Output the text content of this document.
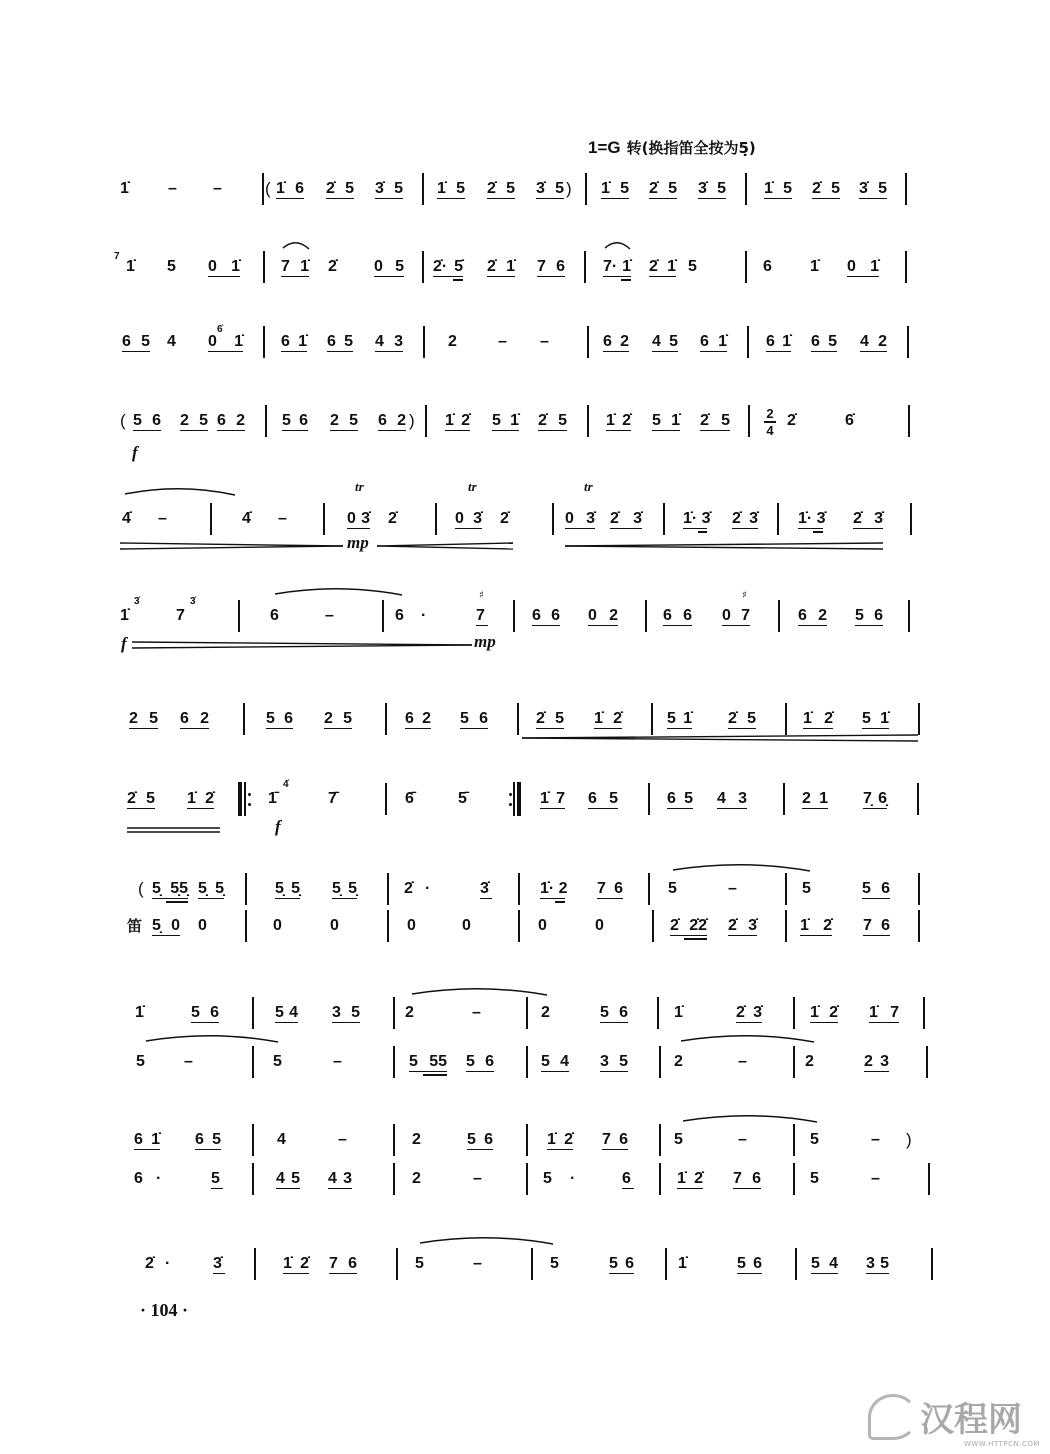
1=G 转(换指笛全按为5̣)
· 104 ·
汉程网
WWW.HTTPCN.COM
1̇ – –	( 1̇ 6 2̇ 5 3̇ 5 1̇ 5 2̇ 5 3̇ 5 ) 1̇ 5 2̇ 5 3̇ 5 1̇ 5 2̇ 5 3̇ 5
7
1̇ 5 0 1̇	7 1̇ 2̇ 0 5 2̇· 5̇ 2̇ 1̇ 7 6 7· 1̇ 2̇ 1̇ 5	6 1̇ 0 1̇
6 5 4 0 1̇
6̇
6 1̇ 6 5 4 3	2	– –	6 2 4 5 6 1̇ 6 1̇ 6 5 4 2
( 5 6 2 5 6 2
f
5 6 2 5 6 2 ) 1̇ 2̇ 5 1̇ 2̇ 5 1̇ 2̇ 5 1̇ 2̇ 5	2
4
2̇	6̇
4̇ –	4̇ –
tr
0 3̇ 2̇
tr
0 3̇ 2̇
tr
0 3̇ 2̇ 3̇	1̇· 3̇ 2̇ 3̇	1̇· 3̇ 2̇ 3̇
mp
1̇
3̇
7
3̇
6	–	6 ·	7
♯
f	mp
6 6 0 2	6 6 0 7
♯
6 2 5 6
2 5 6 2	5 6 2 5	6 2 5 6	2̇ 5 1̇ 2̇	5 1̇ 2̇ 5	1̇ 2̇ 5 1̇
2̇ 5 1̇ 2̇	1̄
4̇
f
7̄	6̄	5̄	1̇ 7 6 5	6 5 4 3	2 1 7̣ 6̣
( 5̣ 5̣5̣ 5̣ 5̣	5̣ 5̣ 5̣ 5̣	2̇ ·	3̇	1̇· 2 7 6	5	–	5	5 6
笛 5̣ 0 0	0	0	0	0	0	0	2̇ 2̇2̇ 2̇ 3̇	1̇ 2̇ 7 6
1̇	5 6	5 4 3 5	2	–	2	5 6	1̇	2̇ 3̇	1̇ 2̇ 1̇ 7
5 –	5	–	5 55 5 6	5 4 3 5	2	–	2	2 3
6 1̇ 6 5	4	–	2	5 6	1̇ 2̇ 7 6	5	–	5	– )
6 ·	5	4 5 4 3	2	–	5 ·	6	1̇ 2̇ 7 6	5	–
2̇ ·	3̇	1̇ 2̇ 7 6	5	–	5	5 6	1̇	5 6	5 4 3 5
